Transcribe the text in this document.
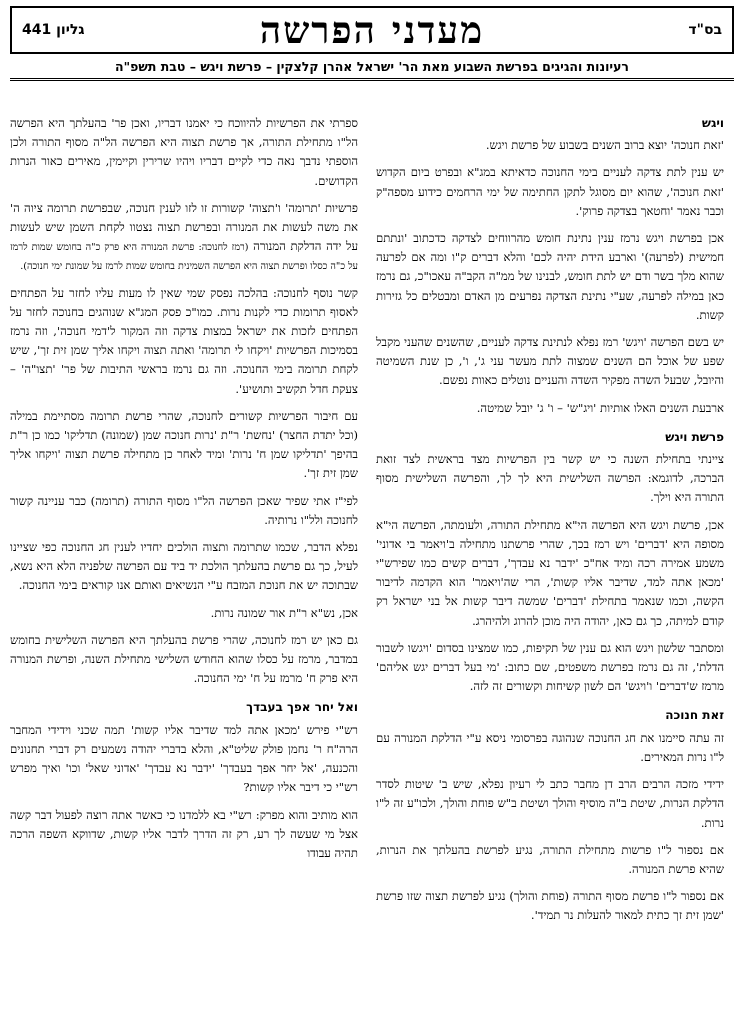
בס"ד
גליון 441	מעדני הפרשה
רעיונות והגיגים בפרשת השבוע מאת הר' ישראל אהרן קלצקין – פרשת ויגש – טבת תשפ"ה
ויגש

'זאת חנוכה' יוצא ברוב השנים בשבוע של פרשת ויגש.

יש ענין לתת צדקה לעניים בימי החנוכה כדאיתא במג"א ובפרט ביום הקדוש 'זאת חנוכה', שהוא יום מסוגל לתקן החתימה של ימי הרחמים כידוע מספה"ק וכבר נאמר 'וחטאך בצדקה פרוק'.

אכן בפרשת ויגש נרמז ענין נתינת חומש מהרווחים לצדקה כדכתוב 'ונתתם חמישית (לפרעה)' וארבע הידת יהיה לכם' והלא דברים ק"ו ומה אם לפרעה שהוא מלך בשר ודם יש לתת חומש, לבנינו של ממ"ה הקב"ה עאכו"כ, גם נרמז כאן במילה לפרעה, שע"י נתינת הצדקה נפרעים מן האדם ומבטלים כל גזירות קשות.

יש בשם הפרשה 'ויגש' רמז נפלא לנתינת צדקה לעניים, שהשנים שהעני מקבל שפע של אוכל הם השנים שמצוה לתת מעשר עני ג', ו', כן שנת השמיטה והיובל, שבעל השדה מפקיר השדה והעניים נוטלים כאוות נפשם.

ארבעת השנים האלו אותיות 'ויג"ש' – ו' ג' יובל שמיטה.

פרשת ויגש

ציינתי בתחילת השנה כי יש קשר בין הפרשיות מצד בראשית לצד זואת הברכה, לדוגמא: הפרשה השלישית היא לך לך, והפרשה השלישית מסוף התורה היא וילך.

אכן, פרשת ויגש היא הפרשה הי"א מתחילת התורה, ולעומתה, הפרשה הי"א מסופה היא 'דברים' ויש רמז בכך, שהרי פרשתנו מתחילה ב'ויאמר בי אדוני' משמע אמירה רכה ומיד אח"כ 'ידבר נא עבדך', דברים קשים כמו שפירש"י 'מכאן אתה למד, שדיבר אליו קשות', הרי שה'ויאמר' הוא הקדמה לדיבור הקשה, וכמו שנאמר בתחילת 'דברים' שמשה דיבר קשות אל בני ישראל רק קודם למיתה, כך גם כאן, יהודה היה מוכן להרוג ולהיהרג.

ומסתבר שלשון ויגש הוא גם ענין של תקיפות, כמו שמצינו בסדום 'ויגשו לשבור הדלת', זה גם נרמז בפרשת משפטים, שם כתוב: 'מי בעל דברים יגש אליהם' מרמז ש'דברים' ו'ויגש' הם לשון קשיחות וקשורים זה לזה.

זאת חנוכה

זה עתה סיימנו את חג החנוכה שנהוגה בפרסומי ניסא ע"י הדלקת המנורה עם ל"ו נרות המאירים.

ידידי מזכה הרבים הרב דן מחבר כתב לי רעיון נפלא, שיש ב' שיטות לסדר הדלקת הנרות, שיטת ב"ה מוסיף והולך ושיטת ב"ש פוחת והולך, ולכו"ע זה ל"ו נרות.

אם נספור ל"ו פרשות מתחילת התורה, נגיע לפרשת בהעלתך את הנרות, שהיא פרשת המנורה.

אם נספור ל"ו פרשת מסוף התורה (פוחת והולך) נגיע לפרשת תצוה שזו פרשת 'שמן זית זך כתית למאור להעלות נר תמיד'.

ספרתי את הפרשיות להיווכח כי יאמנו דבריו, ואכן פר' בהעלתך היא הפרשה הל"ו מתחילת התורה, אך פרשת תצוה היא הפרשה הל"ה מסוף התורה ולכן הוספתי נדבך נאה כדי לקיים דבריו ויהיו שרירין וקיימין, מאירים כאור הנרות הקדושים.

פרשיות 'תרומה' ו'תצוה' קשורות זו לזו לענין חנוכה, שבפרשת תרומה ציוה ה' את משה לעשות את המנורה ובפרשת תצוה נצטוו לקחת השמן שיש לעשות על ידה הדלקת המנורה (רמז לחנוכה: פרשת המנורה היא פרק כ"ה בחומש שמות לרמז על כ"ה כסלו ופרשת תצוה היא הפרשה השמינית בחומש שמות לרמז על שמונת ימי חנוכה).

קשר נוסף לחנוכה: בהלכה נפסק שמי שאין לו מעות עליו לחזר על הפתחים לאסוף תרומות כדי לקנות נרות. כמו"כ פסק המג"א שנוהגים בחנוכה לחזר על הפתחים לזכות את ישראל במצות צדקה וזה המקור ל'דמי חנוכה', וזה נרמז בסמיכות הפרשיות 'ויקחו לי תרומה' ואתה תצוה ויקחו אליך שמן זית זך', שיש לקחת תרומה בימי החנוכה. וזה גם נרמז בראשי התיבות של פר' 'תצו"ה' – צעקת חדל תקשיב ותושיע'.

עם חיבור הפרשיות קשורים לחנוכה, שהרי פרשת תרומה מסתיימת במילה (וכל יתדת החצר) 'נחשת' ר"ת 'נרות חנוכה שמן (שמונה) תדליקו' כמו כן ר"ת בהיפך 'תדליקו שמן ח' נרות' ומיד לאחר כן מתחילה פרשת תצוה 'ויקחו אליך שמן זית זך'.

לפי"ז אתי שפיר שאכן הפרשה הל"ו מסוף התורה (תרומה) כבר עניינה קשור לחנוכה ולל"ו נרותיה.

נפלא הדבר, שכמו שתרומה ותצוה הולכים יחדיו לענין חג החנוכה כפי שציינו לעיל, כך גם פרשת בהעלתך הולכת יד ביד עם הפרשה שלפניה הלא היא נשא, שבתוכה יש את חנוכת המזבח ע"י הנשיאים ואותם אנו קוראים בימי החנוכה.

אכן, נש"א ר"ת אור שמונה נרות.

גם כאן יש רמז לחנוכה, שהרי פרשת בהעלתך היא הפרשה השלישית בחומש במדבר, מרמז על כסלו שהוא החודש השלישי מתחילת השנה, ופרשת המנורה היא פרק ח' מרמז על ח' ימי החנוכה.

ואל יחר אפך בעבדך

רש"י פירש 'מכאן אתה למד שדיבר אליו קשות' תמה שכני וידידי המחבר הרה"ח ר' נחמן פולק שליט"א, והלא בדברי יהודה נשמעים רק דברי תחנונים והכנעה, 'אל יחר אפך בעבדך' 'ידבר נא עבדך' 'אדוני שאל' וכו' ואיך מפרש רש"י כי דיבר אליו קשות?

הוא מותיב והוא מפרק: רש"י בא ללמדנו כי כאשר אתה רוצה לפעול דבר קשה אצל מי שעשה לך רע, רק זה הדרך לדבר אליו קשות, שדווקא השפה הרכה תהיה עבודו
